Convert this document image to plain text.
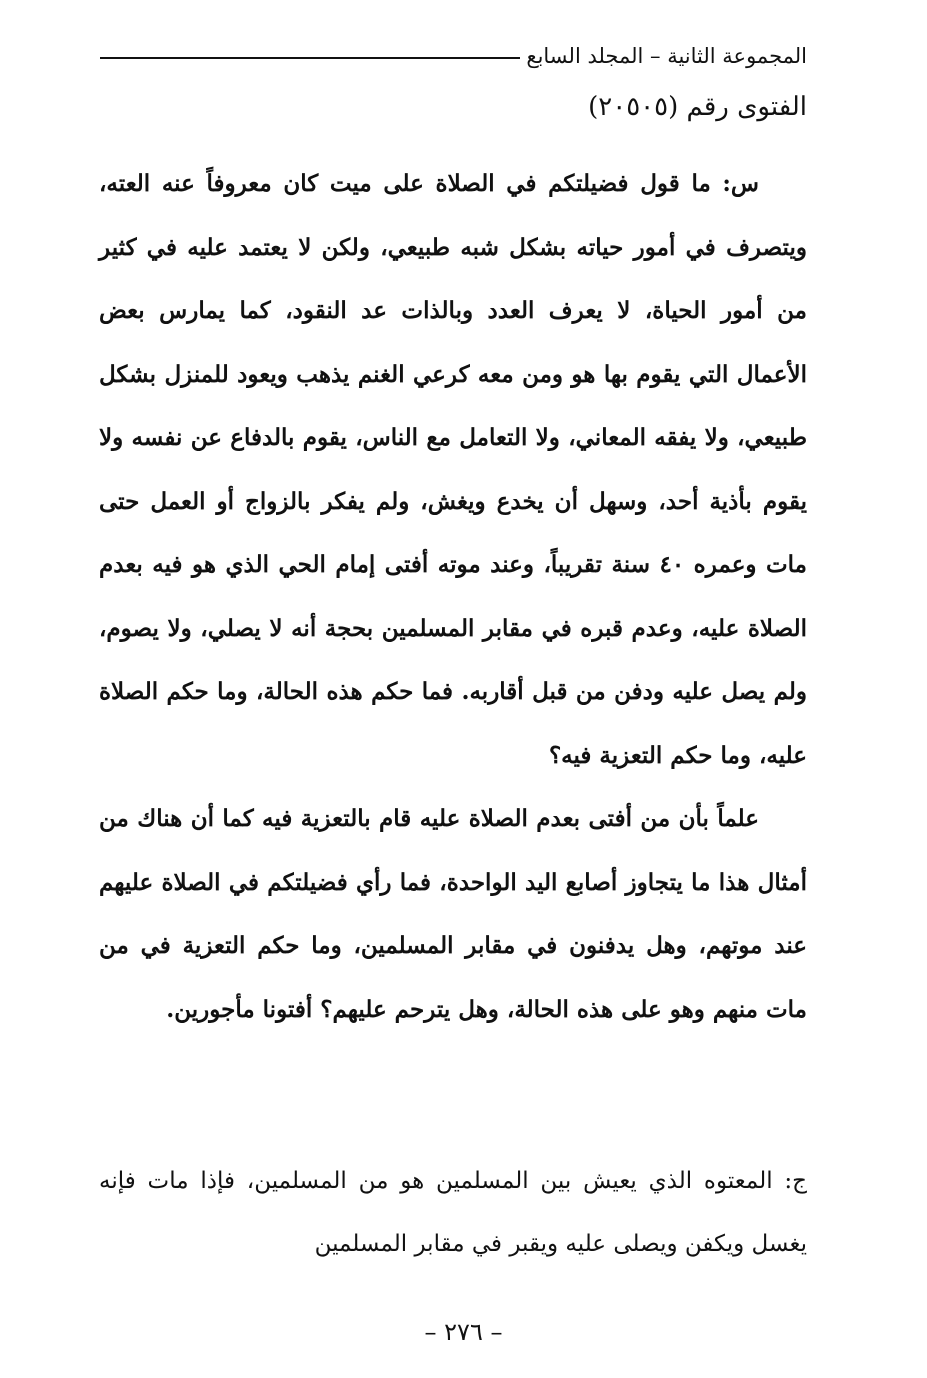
المجموعة الثانية – المجلد السابع
الفتوى رقم (٢٠٥٠٥)

س: ما قول فضيلتكم في الصلاة على ميت كان معروفاً عنه العته، ويتصرف في أمور حياته بشكل شبه طبيعي، ولكن لا يعتمد عليه في كثير من أمور الحياة، لا يعرف العدد وبالذات عد النقود، كما يمارس بعض الأعمال التي يقوم بها هو ومن معه كرعي الغنم يذهب ويعود للمنزل بشكل طبيعي، ولا يفقه المعاني، ولا التعامل مع الناس، يقوم بالدفاع عن نفسه ولا يقوم بأذية أحد، وسهل أن يخدع ويغش، ولم يفكر بالزواج أو العمل حتى مات وعمره ٤٠ سنة تقريباً، وعند موته أفتى إمام الحي الذي هو فيه بعدم الصلاة عليه، وعدم قبره في مقابر المسلمين بحجة أنه لا يصلي، ولا يصوم، ولم يصل عليه ودفن من قبل أقاربه. فما حكم هذه الحالة، وما حكم الصلاة عليه، وما حكم التعزية فيه؟

علماً بأن من أفتى بعدم الصلاة عليه قام بالتعزية فيه كما أن هناك من أمثال هذا ما يتجاوز أصابع اليد الواحدة، فما رأي فضيلتكم في الصلاة عليهم عند موتهم، وهل يدفنون في مقابر المسلمين، وما حكم التعزية في من مات منهم وهو على هذه الحالة، وهل يترحم عليهم؟ أفتونا مأجورين.

ج: المعتوه الذي يعيش بين المسلمين هو من المسلمين، فإذا مات فإنه يغسل ويكفن ويصلى عليه ويقبر في مقابر المسلمين

– ٢٧٦ –
